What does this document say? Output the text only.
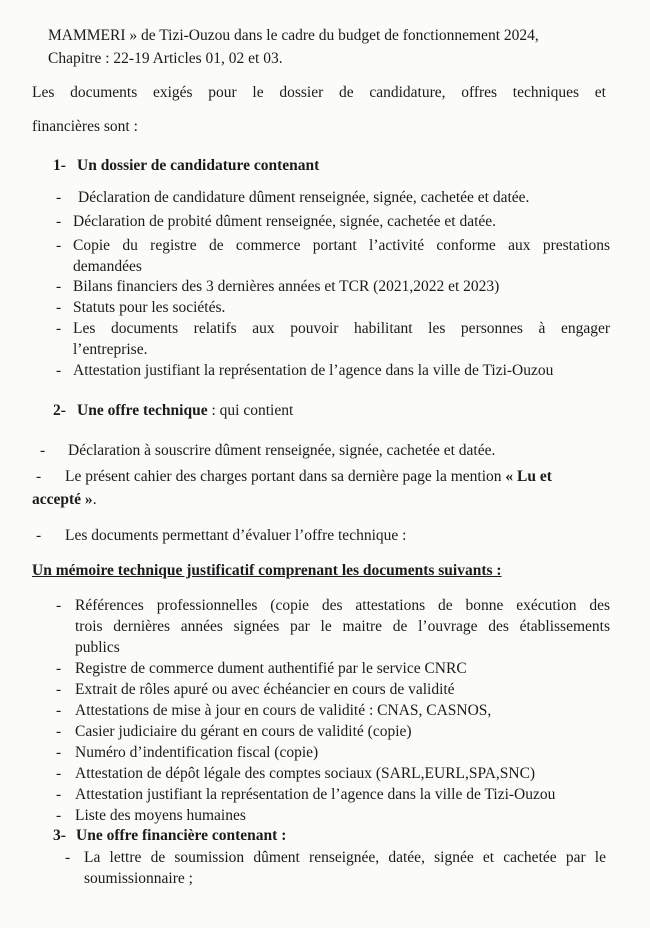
MAMMERI » de Tizi-Ouzou dans le cadre du budget de fonctionnement 2024,
Chapitre : 22-19 Articles 01, 02 et 03.
Les documents exigés pour le dossier de candidature, offres techniques et
financières sont :
1- Un dossier de candidature contenant
- Déclaration de candidature dûment renseignée, signée, cachetée et datée.
- Déclaration de probité dûment renseignée, signée, cachetée et datée.
- Copie du registre de commerce portant l’activité conforme aux prestations
demandées
- Bilans financiers des 3 dernières années et TCR (2021,2022 et 2023)
- Statuts pour les sociétés.
- Les documents relatifs aux pouvoir habilitant les personnes à engager
l’entreprise.
- Attestation justifiant la représentation de l’agence dans la ville de Tizi-Ouzou
2- Une offre technique : qui contient
- Déclaration à souscrire dûment renseignée, signée, cachetée et datée.
- Le présent cahier des charges portant dans sa dernière page la mention « Lu et
accepté ».
- Les documents permettant d’évaluer l’offre technique :
Un mémoire technique justificatif comprenant les documents suivants :
- Références professionnelles (copie des attestations de bonne exécution des
trois dernières années signées par le maitre de l’ouvrage des établissements
publics
- Registre de commerce dument authentifié par le service CNRC
- Extrait de rôles apuré ou avec échéancier en cours de validité
- Attestations de mise à jour en cours de validité : CNAS, CASNOS,
- Casier judiciaire du gérant en cours de validité (copie)
- Numéro d’indentification fiscal (copie)
- Attestation de dépôt légale des comptes sociaux (SARL,EURL,SPA,SNC)
- Attestation justifiant la représentation de l’agence dans la ville de Tizi-Ouzou
- Liste des moyens humaines
3- Une offre financière contenant :
- La lettre de soumission dûment renseignée, datée, signée et cachetée par le
soumissionnaire ;
